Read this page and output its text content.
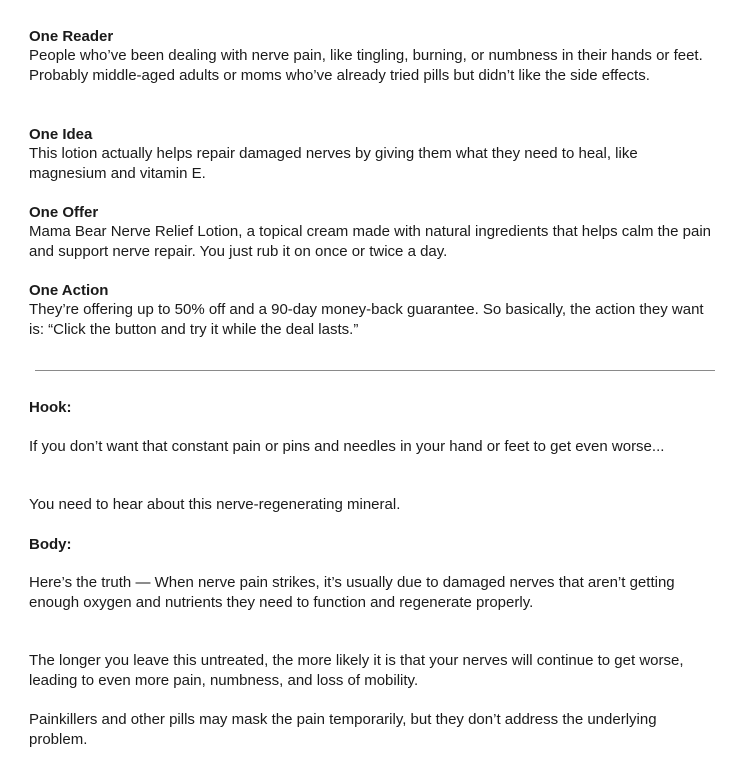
One Reader

People who’ve been dealing with nerve pain, like tingling, burning, or numbness in their hands or feet. Probably middle-aged adults or moms who’ve already tried pills but didn’t like the side effects.

One Idea

This lotion actually helps repair damaged nerves by giving them what they need to heal, like magnesium and vitamin E.

One Offer

Mama Bear Nerve Relief Lotion, a topical cream made with natural ingredients that helps calm the pain and support nerve repair. You just rub it on once or twice a day.

One Action

They’re offering up to 50% off and a 90-day money-back guarantee. So basically, the action they want is: “Click the button and try it while the deal lasts.”

Hook:

If you don’t want that constant pain or pins and needles in your hand or feet to get even worse...

You need to hear about this nerve-regenerating mineral.

Body:

Here’s the truth — When nerve pain strikes, it’s usually due to damaged nerves that aren’t getting enough oxygen and nutrients they need to function and regenerate properly.

The longer you leave this untreated, the more likely it is that your nerves will continue to get worse, leading to even more pain, numbness, and loss of mobility.

Painkillers and other pills may mask the pain temporarily, but they don’t address the underlying problem.
